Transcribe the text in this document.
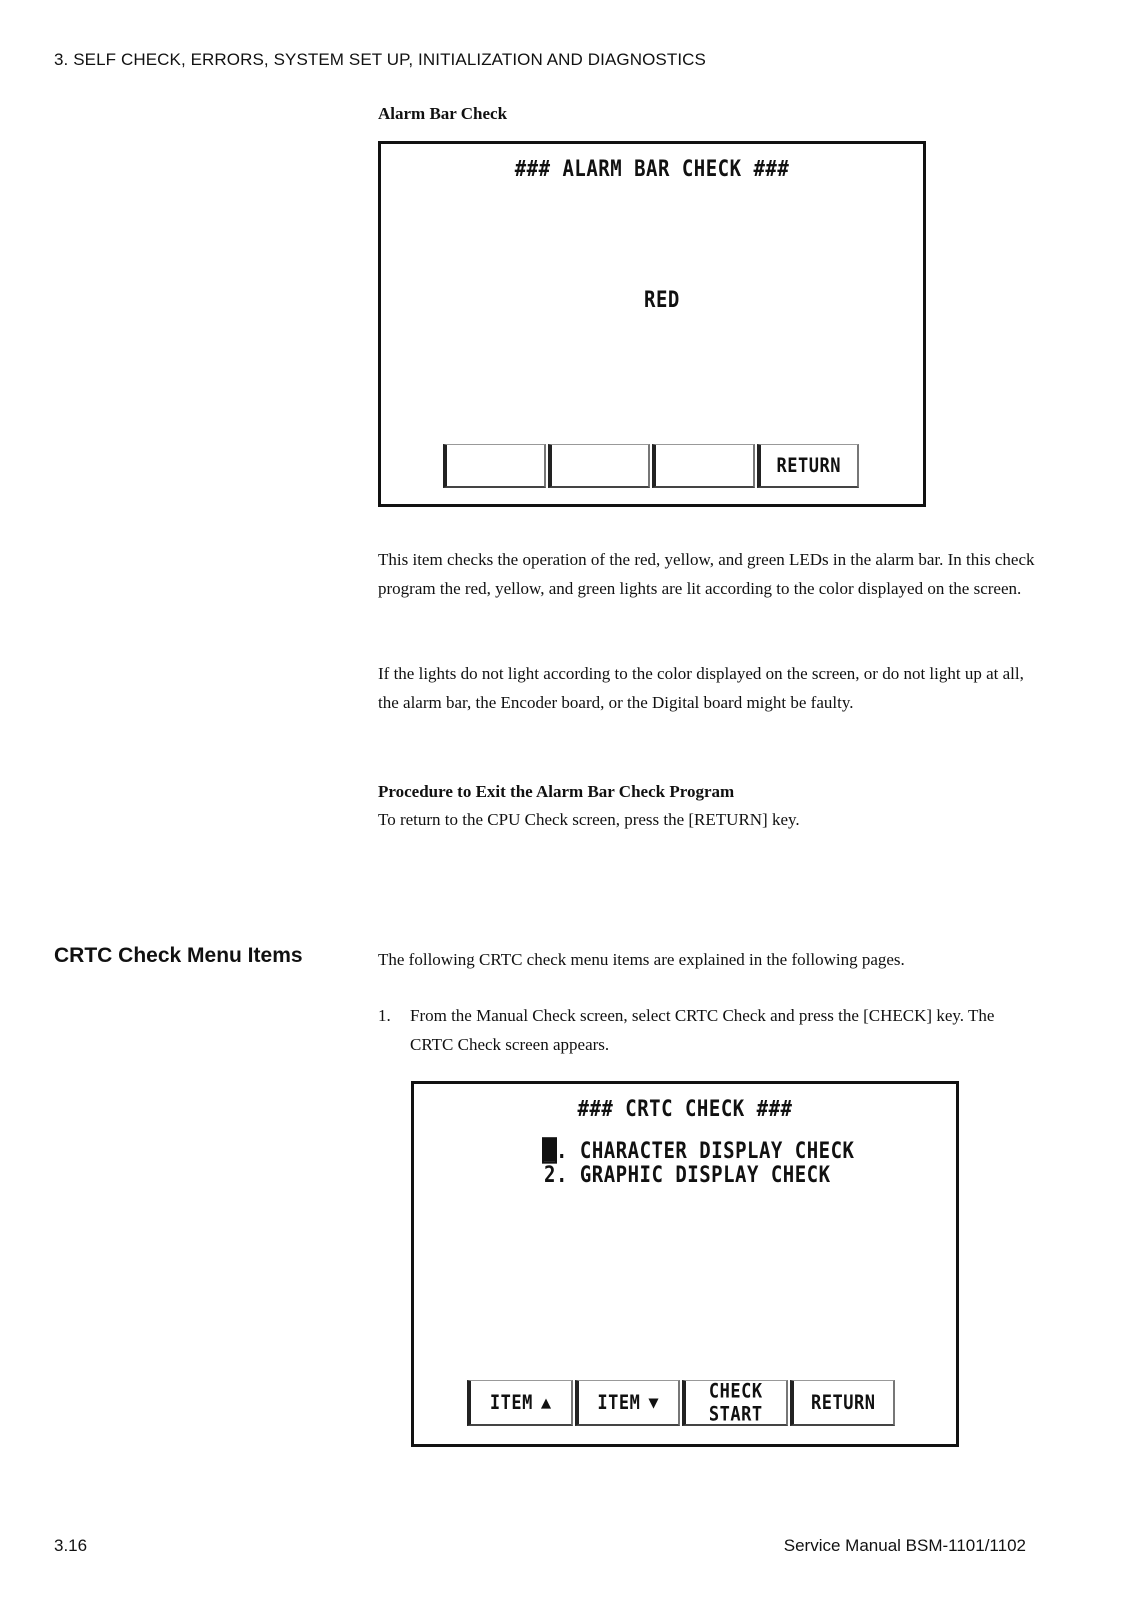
3. SELF CHECK, ERRORS, SYSTEM SET UP, INITIALIZATION AND DIAGNOSTICS
Alarm Bar Check
### ALARM BAR CHECK ###
RED
RETURN
This item checks the operation of the red, yellow, and green LEDs in the alarm bar. In this check program the red, yellow, and green lights are lit according to the color displayed on the screen.
If the lights do not light according to the color displayed on the screen, or do not light up at all, the alarm bar, the Encoder board, or the Digital board might be faulty.
Procedure to Exit the Alarm Bar Check Program
To return to the CPU Check screen, press the [RETURN] key.
CRTC Check Menu Items	The following CRTC check menu items are explained in the following pages.
1. From the Manual Check screen, select CRTC Check and press the [CHECK] key. The CRTC Check screen appears.
### CRTC CHECK ###
. CHARACTER DISPLAY CHECK
2. GRAPHIC DISPLAY CHECK
ITEM ▲	ITEM ▼	CHECK
START	RETURN
3.16	Service Manual BSM-1101/1102
